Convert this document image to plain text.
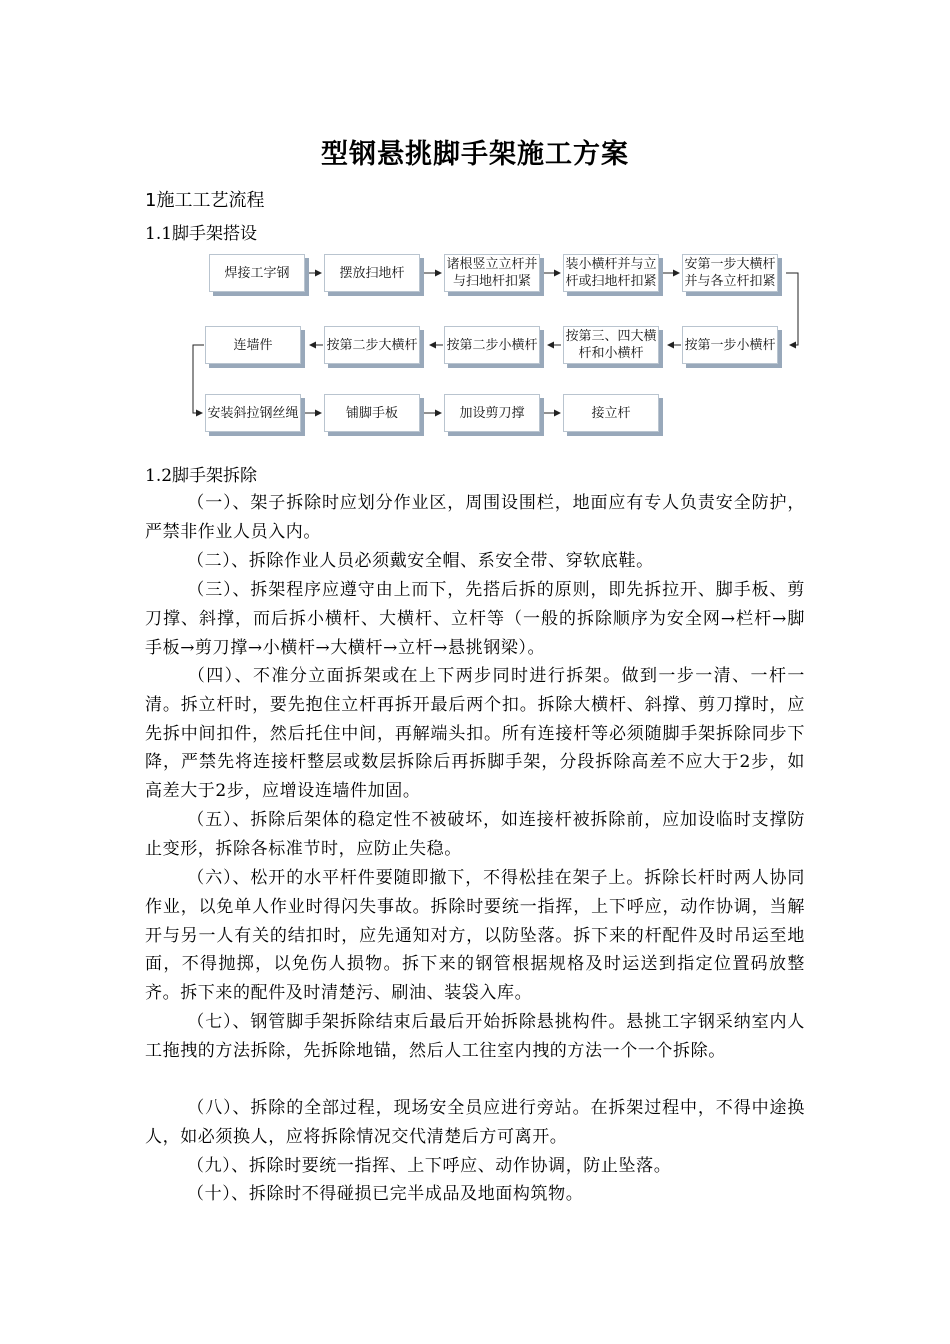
型钢悬挑脚手架施工方案
1施工工艺流程
1.1脚手架搭设
焊接工字钢	摆放扫地杆
诸根竖立立杆并与扫地杆扣紧
装小横杆并与立杆或扫地杆扣紧
安第一步大横杆并与各立杆扣紧
按第一步小横杆
按第三、四大横杆和小横杆
按第二步小横杆
按第二步大横杆
连墙件
安装斜拉钢丝绳	铺脚手板	加设剪刀撑	接立杆
1.2脚手架拆除
（一）、架子拆除时应划分作业区，周围设围栏，地面应有专人负责安全防护，严禁非作业人员入内。
（二）、拆除作业人员必须戴安全帽、系安全带、穿软底鞋。
（三）、拆架程序应遵守由上而下，先搭后拆的原则，即先拆拉开、脚手板、剪刀撑、斜撑，而后拆小横杆、大横杆、立杆等（一般的拆除顺序为安全网→栏杆→脚手板→剪刀撑→小横杆→大横杆→立杆→悬挑钢梁）。
（四）、不准分立面拆架或在上下两步同时进行拆架。做到一步一清、一杆一清。拆立杆时，要先抱住立杆再拆开最后两个扣。拆除大横杆、斜撑、剪刀撑时，应先拆中间扣件，然后托住中间，再解端头扣。所有连接杆等必须随脚手架拆除同步下降，严禁先将连接杆整层或数层拆除后再拆脚手架，分段拆除高差不应大于2步，如高差大于2步，应增设连墙件加固。
（五）、拆除后架体的稳定性不被破坏，如连接杆被拆除前，应加设临时支撑防止变形，拆除各标准节时，应防止失稳。
（六）、松开的水平杆件要随即撤下，不得松挂在架子上。拆除长杆时两人协同作业，以免单人作业时得闪失事故。拆除时要统一指挥，上下呼应，动作协调，当解开与另一人有关的结扣时，应先通知对方，以防坠落。拆下来的杆配件及时吊运至地面，不得抛掷，以免伤人损物。拆下来的钢管根据规格及时运送到指定位置码放整齐。拆下来的配件及时清楚污、刷油、装袋入库。
（七）、钢管脚手架拆除结束后最后开始拆除悬挑构件。悬挑工字钢采纳室内人工拖拽的方法拆除，先拆除地锚，然后人工往室内拽的方法一个一个拆除。
（八）、拆除的全部过程，现场安全员应进行旁站。在拆架过程中，不得中途换人，如必须换人，应将拆除情况交代清楚后方可离开。
（九）、拆除时要统一指挥、上下呼应、动作协调，防止坠落。
（十）、拆除时不得碰损已完半成品及地面构筑物。
